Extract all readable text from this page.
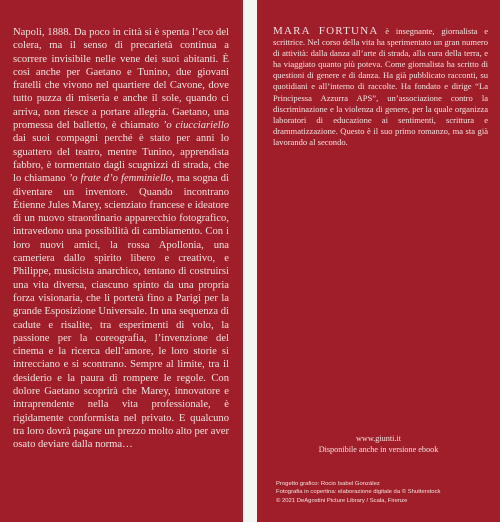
Napoli, 1888. Da poco in città si è spenta l’eco del colera, ma il senso di precarietà continua a scorrere invisibile nelle vene dei suoi abitanti. È così anche per Gaetano e Tunino, due giovani fratelli che vivono nel quartiere del Cavone, dove tutto puzza di miseria e anche il sole, quando ci arriva, non riesce a portare allegria. Gaetano, una promessa del balletto, è chiamato ’o ciucciariello dai suoi compagni perché è stato per anni lo sguattero del teatro, mentre Tunino, apprendista fabbro, è tormentato dagli scugnizzi di strada, che lo chiamano ’o frate d’o femminiello, ma sogna di diventare un inventore. Quando incontrano Étienne Jules Marey, scienziato francese e ideatore di un nuovo straordinario apparecchio fotografico, intravedono una possibilità di cambiamento. Con i loro nuovi amici, la rossa Apollonia, una cameriera dallo spirito libero e creativo, e Philippe, musicista anarchico, tentano di costruirsi una vita diversa, ciascuno spinto da una propria forza visionaria, che li porterà fino a Parigi per la grande Esposizione Universale. In una sequenza di cadute e risalite, tra esperimenti di volo, la passione per la coreografia, l’invenzione del cinema e la ricerca dell’amore, le loro storie si intrecciano e si scontrano. Sempre al limite, tra il desiderio e la paura di rompere le regole. Con dolore Gaetano scoprirà che Marey, innovatore e intraprendente nella vita professionale, è rigidamente conformista nel privato. E qualcuno tra loro dovrà pagare un prezzo molto alto per aver osato deviare dalla norma…

MARA FORTUNA è insegnante, giornalista e scrittrice. Nel corso della vita ha sperimentato un gran numero di attività: dalla danza all’arte di strada, alla cura della terra, e ha viaggiato quanto più poteva. Come giornalista ha scritto di questioni di genere e di danza. Ha già pubblicato racconti, su quotidiani e all’interno di raccolte. Ha fondato e dirige “La Principessa Azzurra APS”, un’associazione contro la discriminazione e la violenza di genere, per la quale organizza laboratori di educazione ai sentimenti, scrittura e drammatizzazione. Questo è il suo primo romanzo, ma sta già lavorando al secondo.

www.giunti.it
Disponibile anche in versione ebook
Progetto grafico: Rocio Isabel González
Fotografia in copertina: elaborazione digitale da © Shutterstock
© 2021 DeAgostini Picture Library / Scala, Firenze
